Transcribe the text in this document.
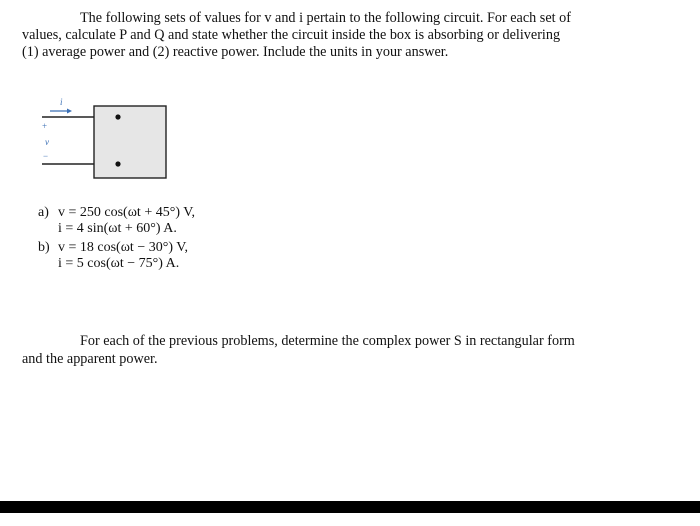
The following sets of values for v and i pertain to the following circuit. For each set of
values, calculate P and Q and state whether the circuit inside the box is absorbing or delivering
(1) average power and (2) reactive power. Include the units in your answer.
i
+
v
−
a) v = 250 cos(ωt + 45°) V,
i = 4 sin(ωt + 60°) A.
b) v = 18 cos(ωt − 30°) V,
i = 5 cos(ωt − 75°) A.
For each of the previous problems, determine the complex power S in rectangular form
and the apparent power.
